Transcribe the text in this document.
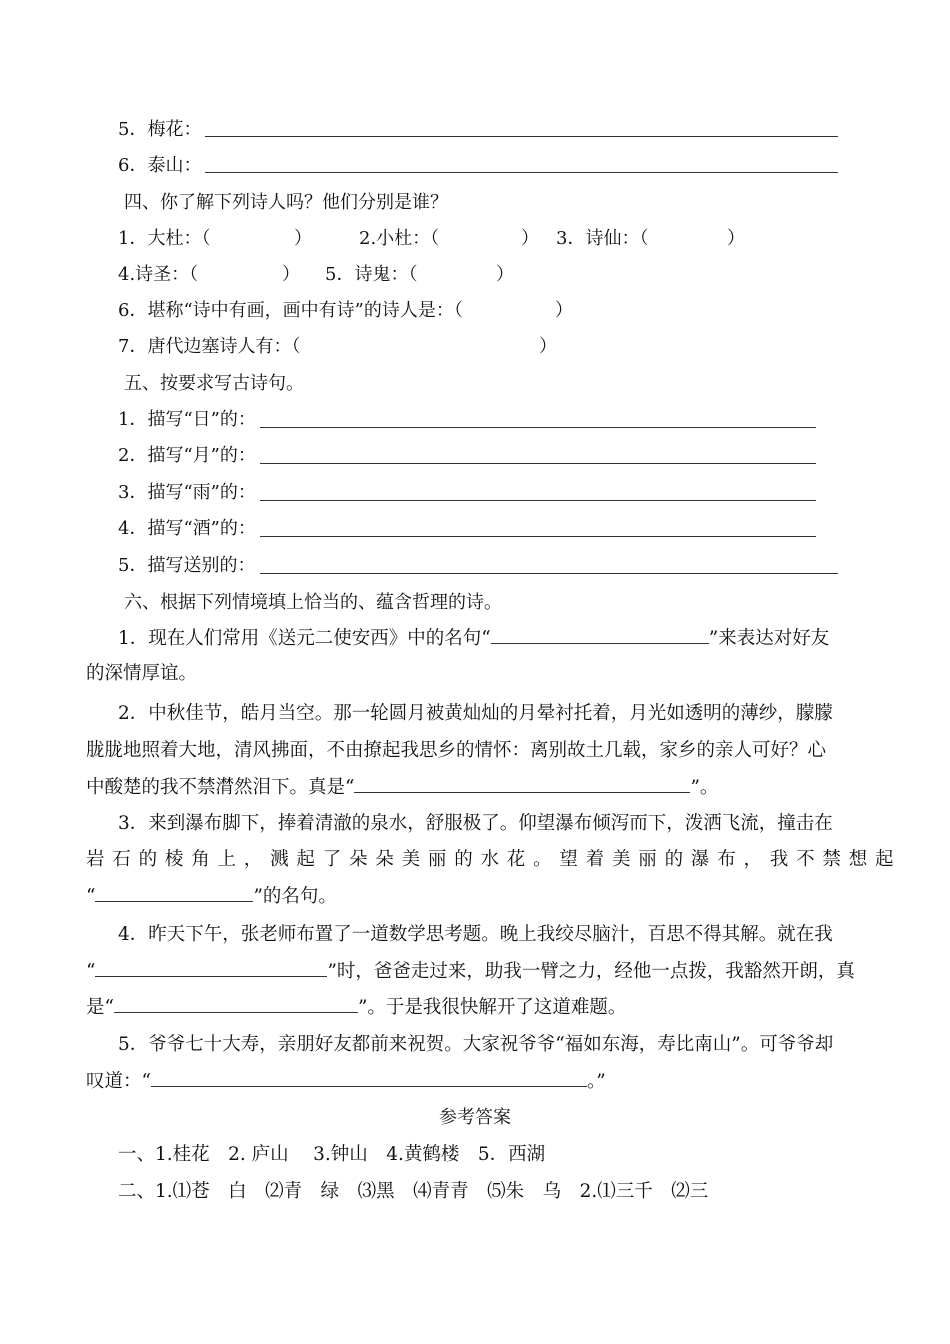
5．梅花：
6．泰山：
四、你了解下列诗人吗？他们分别是谁？
1．大杜：（	）	2.小杜：（	） 3．诗仙：（	）
4.诗圣：（	） 5．诗鬼：（	）
6．堪称“诗中有画，画中有诗”的诗人是：（	）
7．唐代边塞诗人有：（	）
五、按要求写古诗句。
1．描写“日”的：
2．描写“月”的：
3．描写“雨”的：
4．描写“酒”的：
5．描写送别的：
六、根据下列情境填上恰当的、蕴含哲理的诗。
1．现在人们常用《送元二使安西》中的名句“	”来表达对好友
的深情厚谊。
2．中秋佳节，皓月当空。那一轮圆月被黄灿灿的月晕衬托着，月光如透明的薄纱，朦朦
胧胧地照着大地，清风拂面，不由撩起我思乡的情怀：离别故土几载，家乡的亲人可好？心
中酸楚的我不禁潸然泪下。真是“	”。
3．来到瀑布脚下，捧着清澈的泉水，舒服极了。仰望瀑布倾泻而下，泼洒飞流，撞击在
岩石的棱角上，溅起了朵朵美丽的水花。望着美丽的瀑布，我不禁想起
“	”的名句。
4．昨天下午，张老师布置了一道数学思考题。晚上我绞尽脑汁，百思不得其解。就在我
“	”时，爸爸走过来，助我一臂之力，经他一点拨，我豁然开朗，真
是“	”。于是我很快解开了这道难题。
5．爷爷七十大寿，亲朋好友都前来祝贺。大家祝爷爷“福如东海，寿比南山”。可爷爷却
叹道：“	。”
参考答案
一、1.桂花　2. 庐山　 3.钟山　4.黄鹤楼　5．西湖
二、1.⑴苍　白　⑵青　绿　⑶黑　⑷青青　⑸朱　乌　2.⑴三千　⑵三
